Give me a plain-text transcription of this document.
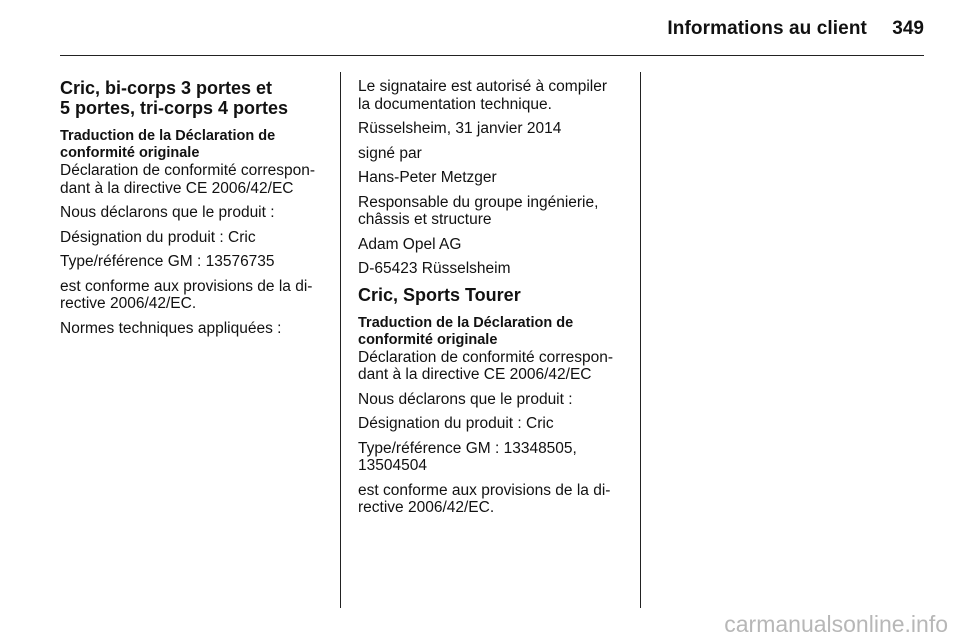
Informations au client 349
Cric, bi-corps 3 portes et
5 portes, tri-corps 4 portes

Traduction de la Déclaration de
conformité originale

Déclaration de conformité correspon-
dant à la directive CE 2006/42/EC

Nous déclarons que le produit :

Désignation du produit : Cric

Type/référence GM : 13576735

est conforme aux provisions de la di-
rective 2006/42/EC.

Normes techniques appliquées :

Le signataire est autorisé à compiler
la documentation technique.

Rüsselsheim, 31 janvier 2014

signé par

Hans-Peter Metzger

Responsable du groupe ingénierie,
châssis et structure

Adam Opel AG

D-65423 Rüsselsheim

Cric, Sports Tourer

Traduction de la Déclaration de
conformité originale

Déclaration de conformité correspon-
dant à la directive CE 2006/42/EC

Nous déclarons que le produit :

Désignation du produit : Cric

Type/référence GM : 13348505,
13504504

est conforme aux provisions de la di-
rective 2006/42/EC.

carmanualsonline.info
